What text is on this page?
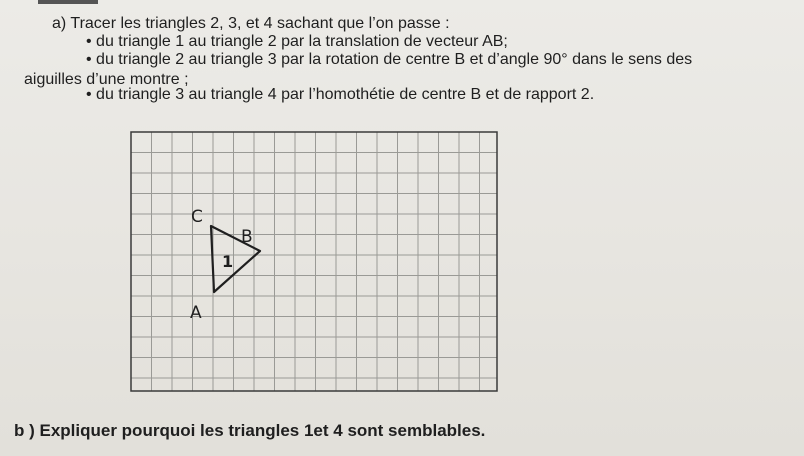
a) Tracer les triangles 2, 3, et 4 sachant que l’on passe :
• du triangle 1 au triangle 2 par la translation de vecteur AB;
• du triangle 2 au triangle 3 par la rotation de centre B et d’angle 90° dans le sens des
aiguilles d’une montre ;
• du triangle 3 au triangle 4 par l’homothétie de centre B et de rapport 2.
C
B
A
1
b ) Expliquer pourquoi les triangles 1et 4 sont semblables.
